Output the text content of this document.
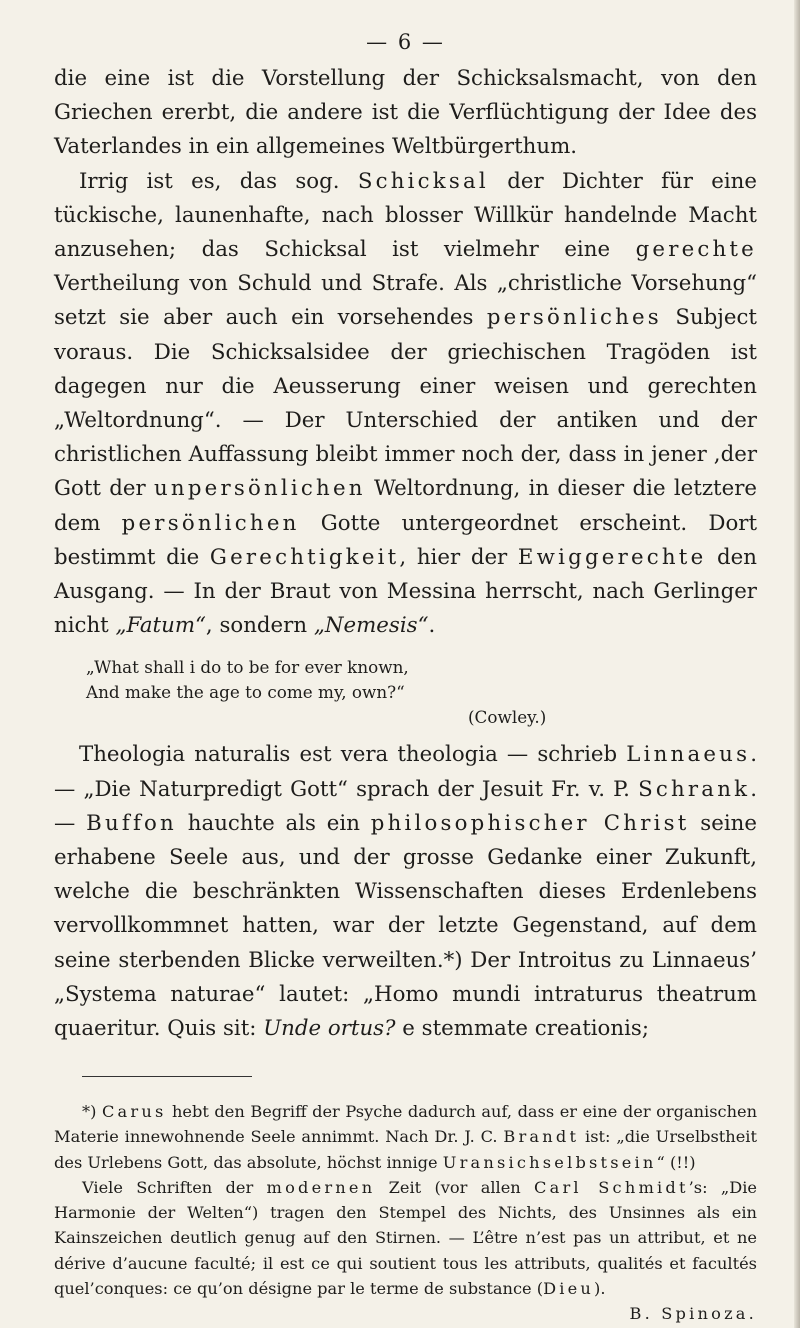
— 6 —

die eine ist die Vorstellung der Schicksalsmacht, von den Griechen ererbt, die andere ist die Verflüchtigung der Idee des Vaterlandes in ein allgemeines Weltbürgerthum.

Irrig ist es, das sog. Schicksal der Dichter für eine tückische, launenhafte, nach blosser Willkür handelnde Macht anzusehen; das Schicksal ist vielmehr eine gerechte Vertheilung von Schuld und Strafe. Als „christliche Vorsehung“ setzt sie aber auch ein vorsehendes persönliches Subject voraus. Die Schicksalsidee der griechischen Tragöden ist dagegen nur die Aeusserung einer weisen und gerechten „Weltordnung“. — Der Unterschied der antiken und der christlichen Auffassung bleibt immer noch der, dass in jener ,der Gott der unpersönlichen Weltordnung, in dieser die letztere dem persönlichen Gotte untergeordnet erscheint. Dort bestimmt die Gerechtigkeit, hier der Ewiggerechte den Ausgang. — In der Braut von Messina herrscht, nach Gerlinger nicht „Fatum“, sondern „Nemesis“.

„What shall i do to be for ever known,
And make the age to come my, own?“
(Cowley.)

Theologia naturalis est vera theologia — schrieb Linnaeus. — „Die Naturpredigt Gott“ sprach der Jesuit Fr. v. P. Schrank. — Buffon hauchte als ein philosophischer Christ seine erhabene Seele aus, und der grosse Gedanke einer Zukunft, welche die beschränkten Wissenschaften dieses Erdenlebens vervollkommnet hatten, war der letzte Gegenstand, auf dem seine sterbenden Blicke verweilten.*) Der Introitus zu Linnaeus’ „Systema naturae“ lautet: „Homo mundi intraturus theatrum quaeritur. Quis sit: Unde ortus? e stemmate creationis;

*) Carus hebt den Begriff der Psyche dadurch auf, dass er eine der organischen Materie innewohnende Seele annimmt. Nach Dr. J. C. Brandt ist: „die Urselbstheit des Urlebens Gott, das absolute, höchst innige Uransichselbstsein“ (!!)

Viele Schriften der modernen Zeit (vor allen Carl Schmidt’s: „Die Harmonie der Welten“) tragen den Stempel des Nichts, des Unsinnes als ein Kainszeichen deutlich genug auf den Stirnen. — L’être n’est pas un attribut, et ne dérive d’aucune faculté; il est ce qui soutient tous les attributs, qualités et facultés quel’conques: ce qu’on désigne par le terme de substance (Dieu).
B. Spinoza.
